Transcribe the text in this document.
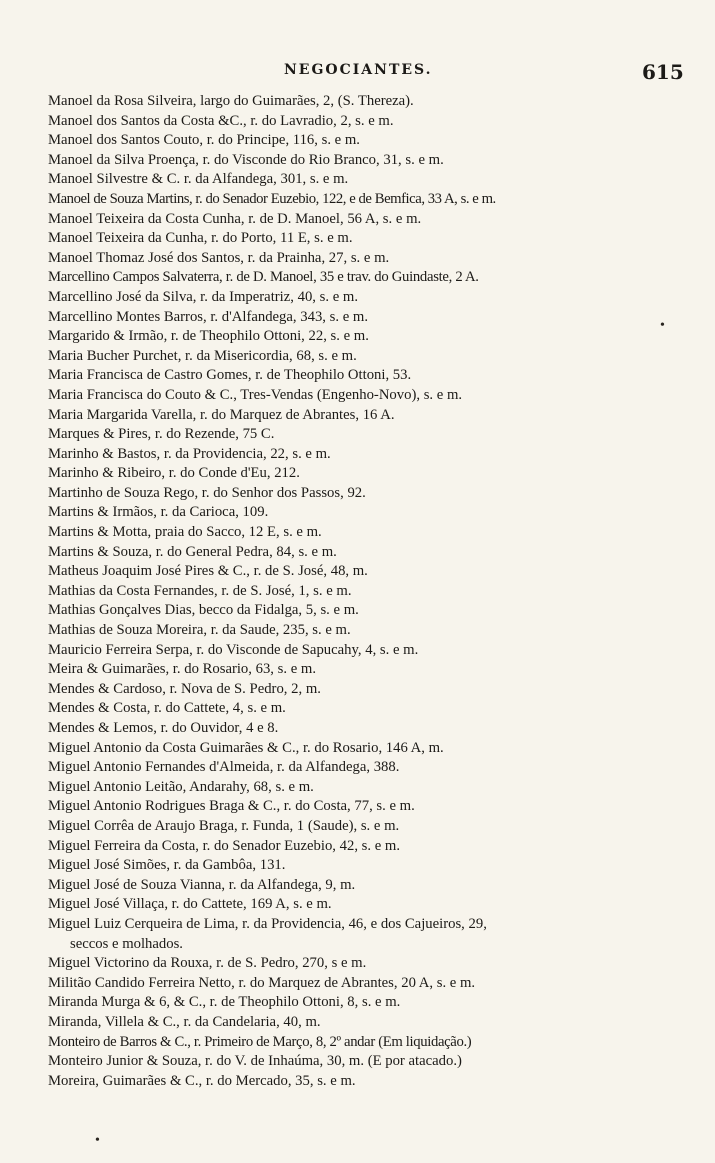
NEGOCIANTES.	615
Manoel da Rosa Silveira, largo do Guimarães, 2, (S. Thereza).
Manoel dos Santos da Costa &C., r. do Lavradio, 2, s. e m.
Manoel dos Santos Couto, r. do Principe, 116, s. e m.
Manoel da Silva Proença, r. do Visconde do Rio Branco, 31, s. e m.
Manoel Silvestre & C. r. da Alfandega, 301, s. e m.
Manoel de Souza Martins, r. do Senador Euzebio, 122, e de Bemfica, 33 A, s. e m.
Manoel Teixeira da Costa Cunha, r. de D. Manoel, 56 A, s. e m.
Manoel Teixeira da Cunha, r. do Porto, 11 E, s. e m.
Manoel Thomaz José dos Santos, r. da Prainha, 27, s. e m.
Marcellino Campos Salvaterra, r. de D. Manoel, 35 e trav. do Guindaste, 2 A.
Marcellino José da Silva, r. da Imperatriz, 40, s. e m.
Marcellino Montes Barros, r. d'Alfandega, 343, s. e m.
Margarido & Irmão, r. de Theophilo Ottoni, 22, s. e m.
Maria Bucher Purchet, r. da Misericordia, 68, s. e m.
Maria Francisca de Castro Gomes, r. de Theophilo Ottoni, 53.
Maria Francisca do Couto & C., Tres-Vendas (Engenho-Novo), s. e m.
Maria Margarida Varella, r. do Marquez de Abrantes, 16 A.
Marques & Pires, r. do Rezende, 75 C.
Marinho & Bastos, r. da Providencia, 22, s. e m.
Marinho & Ribeiro, r. do Conde d'Eu, 212.
Martinho de Souza Rego, r. do Senhor dos Passos, 92.
Martins & Irmãos, r. da Carioca, 109.
Martins & Motta, praia do Sacco, 12 E, s. e m.
Martins & Souza, r. do General Pedra, 84, s. e m.
Matheus Joaquim José Pires & C., r. de S. José, 48, m.
Mathias da Costa Fernandes, r. de S. José, 1, s. e m.
Mathias Gonçalves Dias, becco da Fidalga, 5, s. e m.
Mathias de Souza Moreira, r. da Saude, 235, s. e m.
Mauricio Ferreira Serpa, r. do Visconde de Sapucahy, 4, s. e m.
Meira & Guimarães, r. do Rosario, 63, s. e m.
Mendes & Cardoso, r. Nova de S. Pedro, 2, m.
Mendes & Costa, r. do Cattete, 4, s. e m.
Mendes & Lemos, r. do Ouvidor, 4 e 8.
Miguel Antonio da Costa Guimarães & C., r. do Rosario, 146 A, m.
Miguel Antonio Fernandes d'Almeida, r. da Alfandega, 388.
Miguel Antonio Leitão, Andarahy, 68, s. e m.
Miguel Antonio Rodrigues Braga & C., r. do Costa, 77, s. e m.
Miguel Corrêa de Araujo Braga, r. Funda, 1 (Saude), s. e m.
Miguel Ferreira da Costa, r. do Senador Euzebio, 42, s. e m.
Miguel José Simões, r. da Gambôa, 131.
Miguel José de Souza Vianna, r. da Alfandega, 9, m.
Miguel José Villaça, r. do Cattete, 169 A, s. e m.
Miguel Luiz Cerqueira de Lima, r. da Providencia, 46, e dos Cajueiros, 29,
seccos e molhados.
Miguel Victorino da Rouxa, r. de S. Pedro, 270, s e m.
Militão Candido Ferreira Netto, r. do Marquez de Abrantes, 20 A, s. e m.
Miranda Murga & 6, & C., r. de Theophilo Ottoni, 8, s. e m.
Miranda, Villela & C., r. da Candelaria, 40, m.
Monteiro de Barros & C., r. Primeiro de Março, 8, 2º andar (Em liquidação.)
Monteiro Junior & Souza, r. do V. de Inhaúma, 30, m. (E por atacado.)
Moreira, Guimarães & C., r. do Mercado, 35, s. e m.
•
•
